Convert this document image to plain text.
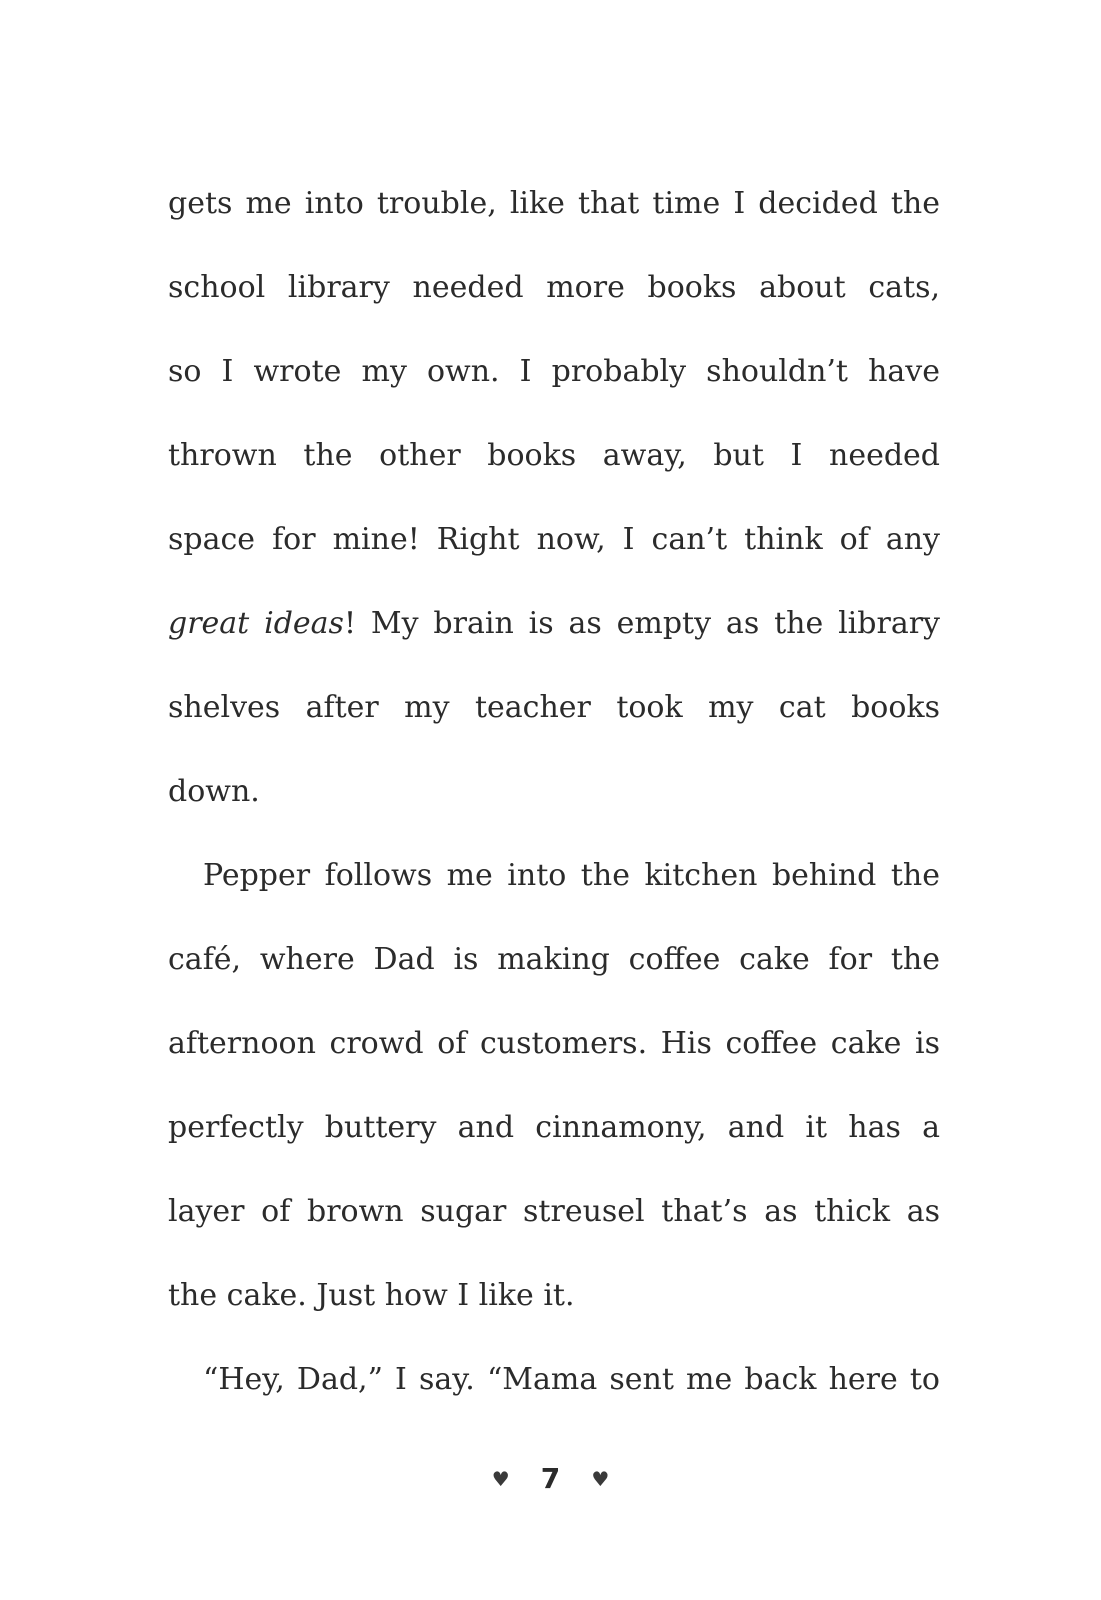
gets me into trouble, like that time I decided the
school library needed more books about cats,
so I wrote my own. I probably shouldn’t have
thrown the other books away, but I needed
space for mine! Right now, I can’t think of any
great ideas! My brain is as empty as the library
shelves after my teacher took my cat books
down.
Pepper follows me into the kitchen behind the
café, where Dad is making coffee cake for the
afternoon crowd of customers. His coffee cake is
perfectly buttery and cinnamony, and it has a
layer of brown sugar streusel that’s as thick as
the cake. Just how I like it.
“Hey, Dad,” I say. “Mama sent me back here to
♥ 7 ♥
